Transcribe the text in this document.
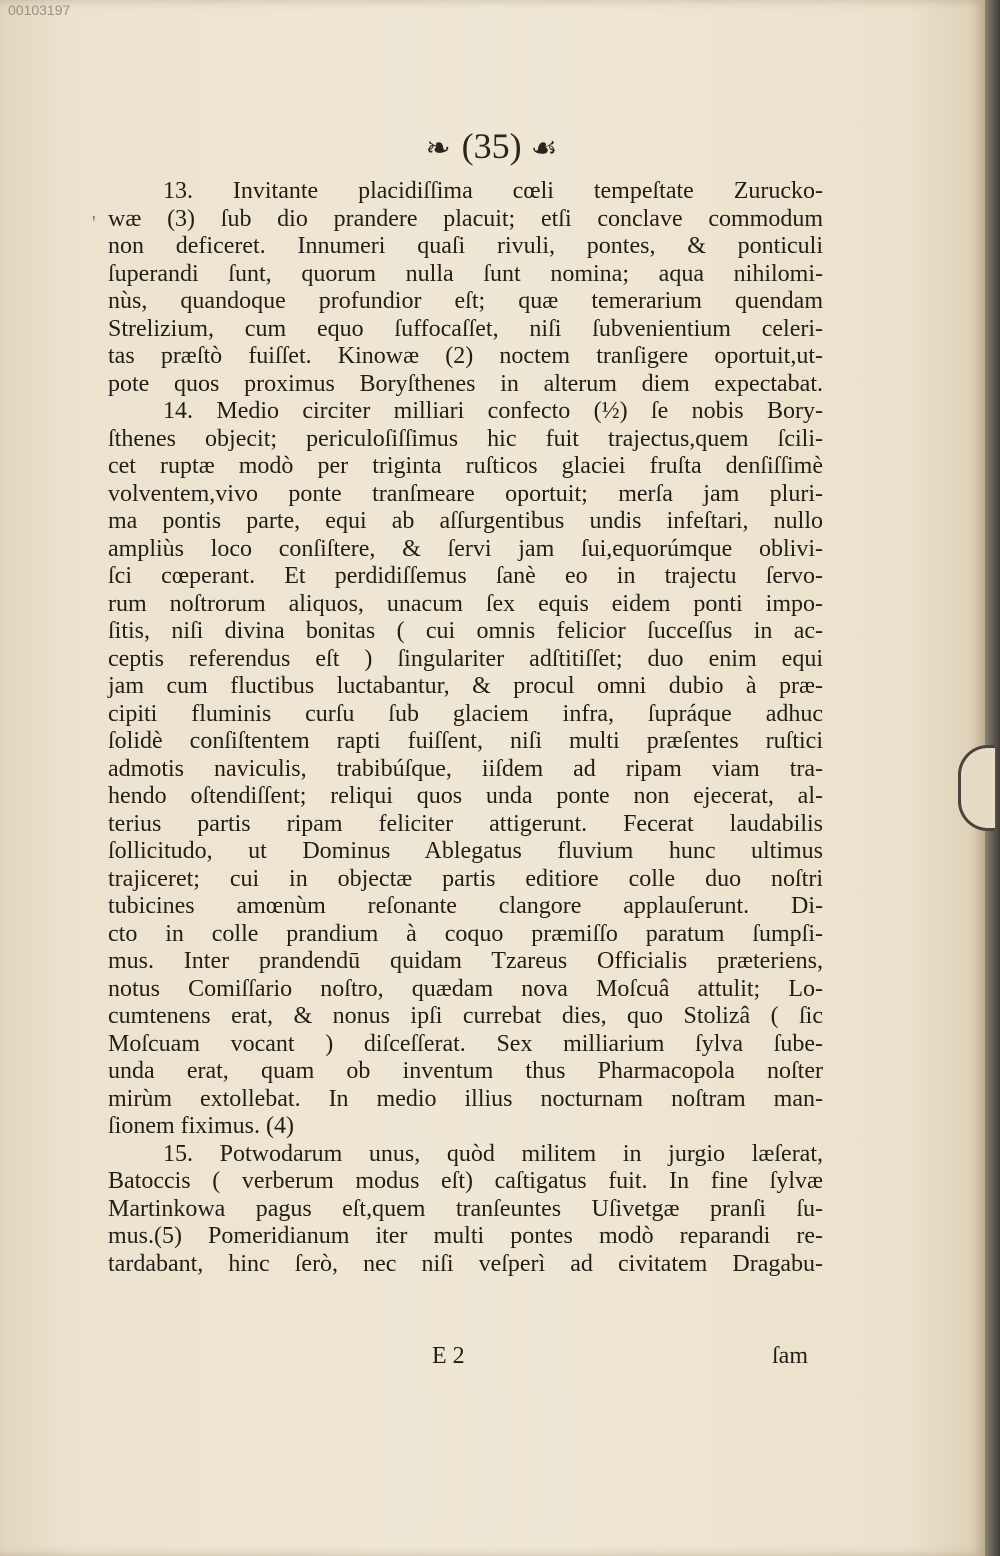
00103197
❧ (35) ☙
'
13. Invitante placidiſſima cœli tempeſtate Zurucko-
wæ (3) ſub dio prandere placuit; etſi conclave commodum
non deficeret. Innumeri quaſi rivuli, pontes, & ponticuli
ſuperandi ſunt, quorum nulla ſunt nomina; aqua nihilomi-
nùs, quandoque profundior eſt; quæ temerarium quendam
Strelizium, cum equo ſuffocaſſet, niſi ſubvenientium celeri-
tas præſtò fuiſſet. Kinowæ (2) noctem tranſigere oportuit,ut-
pote quos proximus Boryſthenes in alterum diem expectabat.
14. Medio circiter milliari confecto (½) ſe nobis Bory-
ſthenes objecit; periculoſiſſimus hic fuit trajectus,quem ſcili-
cet ruptæ modò per triginta ruſticos glaciei fruſta denſiſſimè
volventem,vivo ponte tranſmeare oportuit; merſa jam pluri-
ma pontis parte, equi ab aſſurgentibus undis infeſtari, nullo
ampliùs loco conſiſtere, & ſervi jam ſui,equorúmque oblivi-
ſci cœperant. Et perdidiſſemus ſanè eo in trajectu ſervo-
rum noſtrorum aliquos, unacum ſex equis eidem ponti impo-
ſitis, niſi divina bonitas ( cui omnis felicior ſucceſſus in ac-
ceptis referendus eſt ) ſingulariter adſtitiſſet; duo enim equi
jam cum fluctibus luctabantur, & procul omni dubio à præ-
cipiti fluminis curſu ſub glaciem infra, ſupráque adhuc
ſolidè conſiſtentem rapti fuiſſent, niſi multi præſentes ruſtici
admotis naviculis, trabibúſque, iiſdem ad ripam viam tra-
hendo oſtendiſſent; reliqui quos unda ponte non ejecerat, al-
terius partis ripam feliciter attigerunt. Fecerat laudabilis
ſollicitudo, ut Dominus Ablegatus fluvium hunc ultimus
trajiceret; cui in objectæ partis editiore colle duo noſtri
tubicines amœnùm reſonante clangore applauſerunt. Di-
cto in colle prandium à coquo præmiſſo paratum ſumpſi-
mus. Inter prandendū quidam Tzareus Officialis præteriens,
notus Comiſſario noſtro, quædam nova Moſcuâ attulit; Lo-
cumtenens erat, & nonus ipſi currebat dies, quo Stolizâ ( ſic
Moſcuam vocant ) diſceſſerat. Sex milliarium ſylva ſube-
unda erat, quam ob inventum thus Pharmacopola noſter
mirùm extollebat. In medio illius nocturnam noſtram man-
ſionem fiximus. (4)
15. Potwodarum unus, quòd militem in jurgio læſerat,
Batoccis ( verberum modus eſt) caſtigatus fuit. In fine ſylvæ
Martinkowa pagus eſt,quem tranſeuntes Uſivetgæ pranſi ſu-
mus.(5) Pomeridianum iter multi pontes modò reparandi re-
tardabant, hinc ſerò, nec niſi veſperì ad civitatem Dragabu-
E 2	ſam
